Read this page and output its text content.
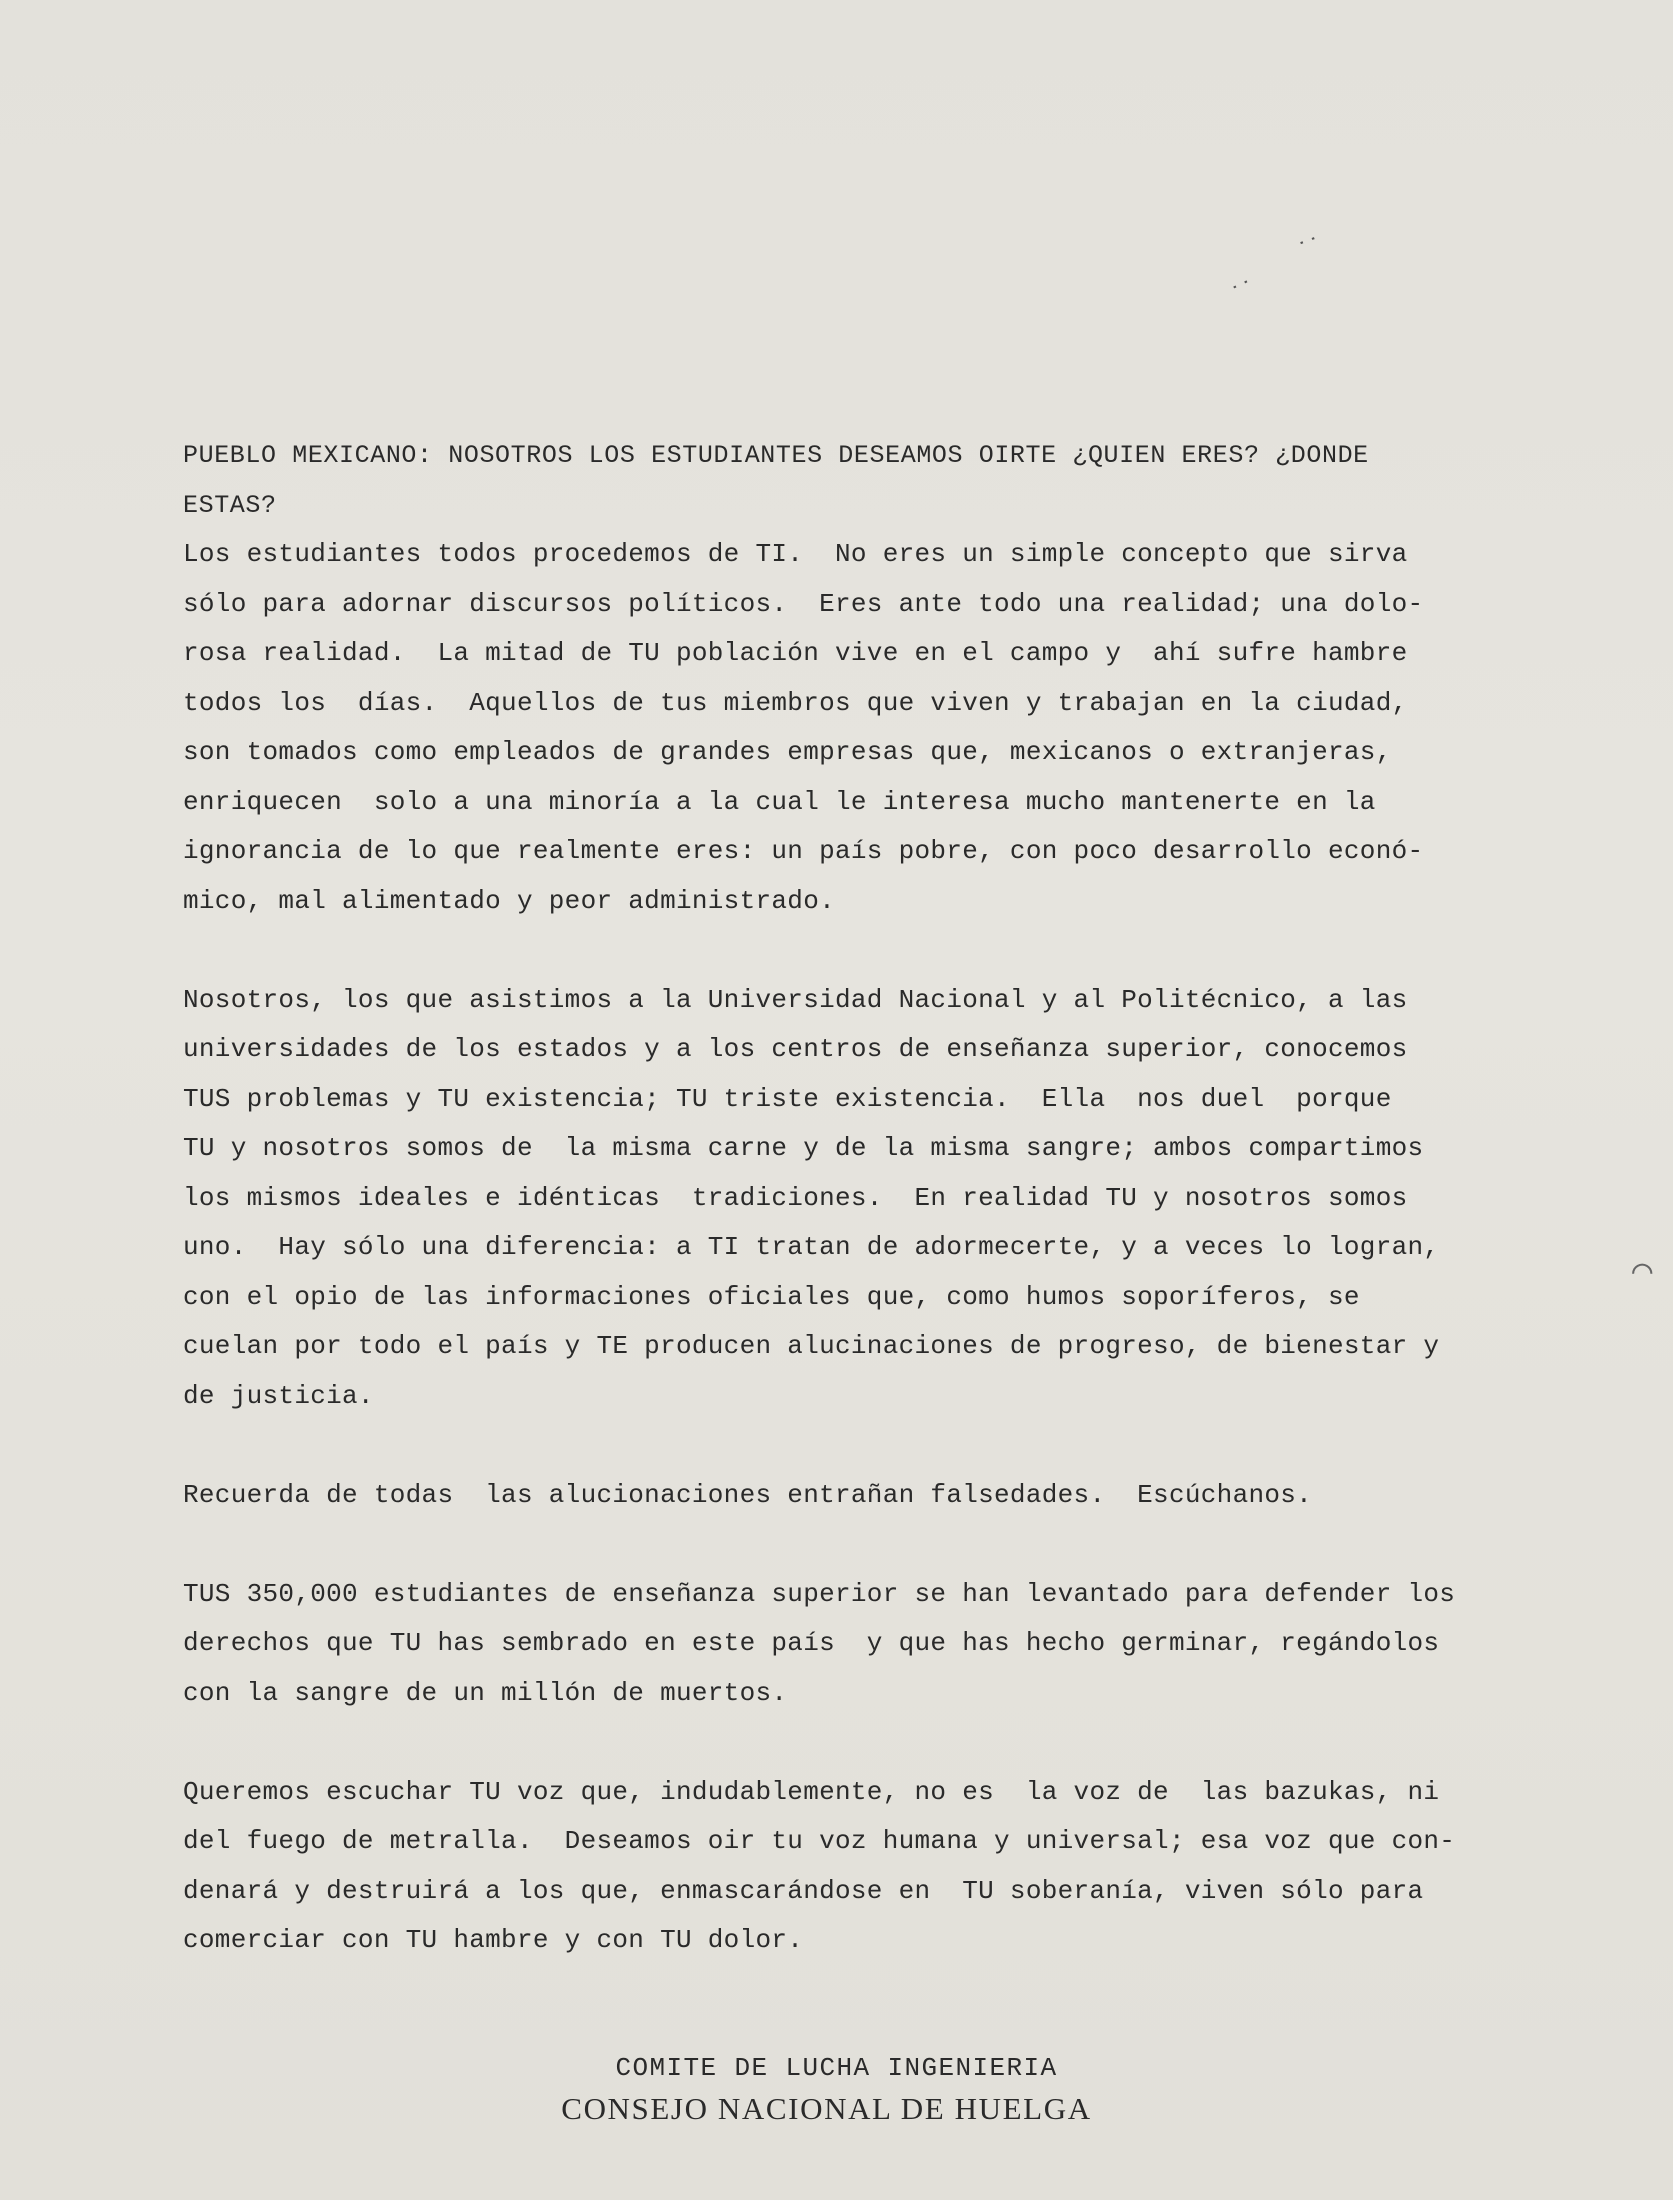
⁚
⁚
⌒

PUEBLO MEXICANO: NOSOTROS LOS ESTUDIANTES DESEAMOS OIRTE ¿QUIEN ERES? ¿DONDE

ESTAS?

Los estudiantes todos procedemos de TI.  No eres un simple concepto que sirva

sólo para adornar discursos políticos.  Eres ante todo una realidad; una dolo-

rosa realidad.  La mitad de TU población vive en el campo y  ahí sufre hambre

todos los  días.  Aquellos de tus miembros que viven y trabajan en la ciudad,

son tomados como empleados de grandes empresas que, mexicanos o extranjeras,

enriquecen  solo a una minoría a la cual le interesa mucho mantenerte en la

ignorancia de lo que realmente eres: un país pobre, con poco desarrollo econó-

mico, mal alimentado y peor administrado.

Nosotros, los que asistimos a la Universidad Nacional y al Politécnico, a las

universidades de los estados y a los centros de enseñanza superior, conocemos

TUS problemas y TU existencia; TU triste existencia.  Ella  nos duel  porque

TU y nosotros somos de  la misma carne y de la misma sangre; ambos compartimos

los mismos ideales e idénticas  tradiciones.  En realidad TU y nosotros somos

uno.  Hay sólo una diferencia: a TI tratan de adormecerte, y a veces lo logran,

con el opio de las informaciones oficiales que, como humos soporíferos, se

cuelan por todo el país y TE producen alucinaciones de progreso, de bienestar y

de justicia.

Recuerda de todas  las alucionaciones entrañan falsedades.  Escúchanos.

TUS 350,000 estudiantes de enseñanza superior se han levantado para defender los

derechos que TU has sembrado en este país  y que has hecho germinar, regándolos

con la sangre de un millón de muertos.

Queremos escuchar TU voz que, indudablemente, no es  la voz de  las bazukas, ni

del fuego de metralla.  Deseamos oir tu voz humana y universal; esa voz que con-

denará y destruirá a los que, enmascarándose en  TU soberanía, viven sólo para

comerciar con TU hambre y con TU dolor.

COMITE DE LUCHA INGENIERIA
CONSEJO NACIONAL DE HUELGA
